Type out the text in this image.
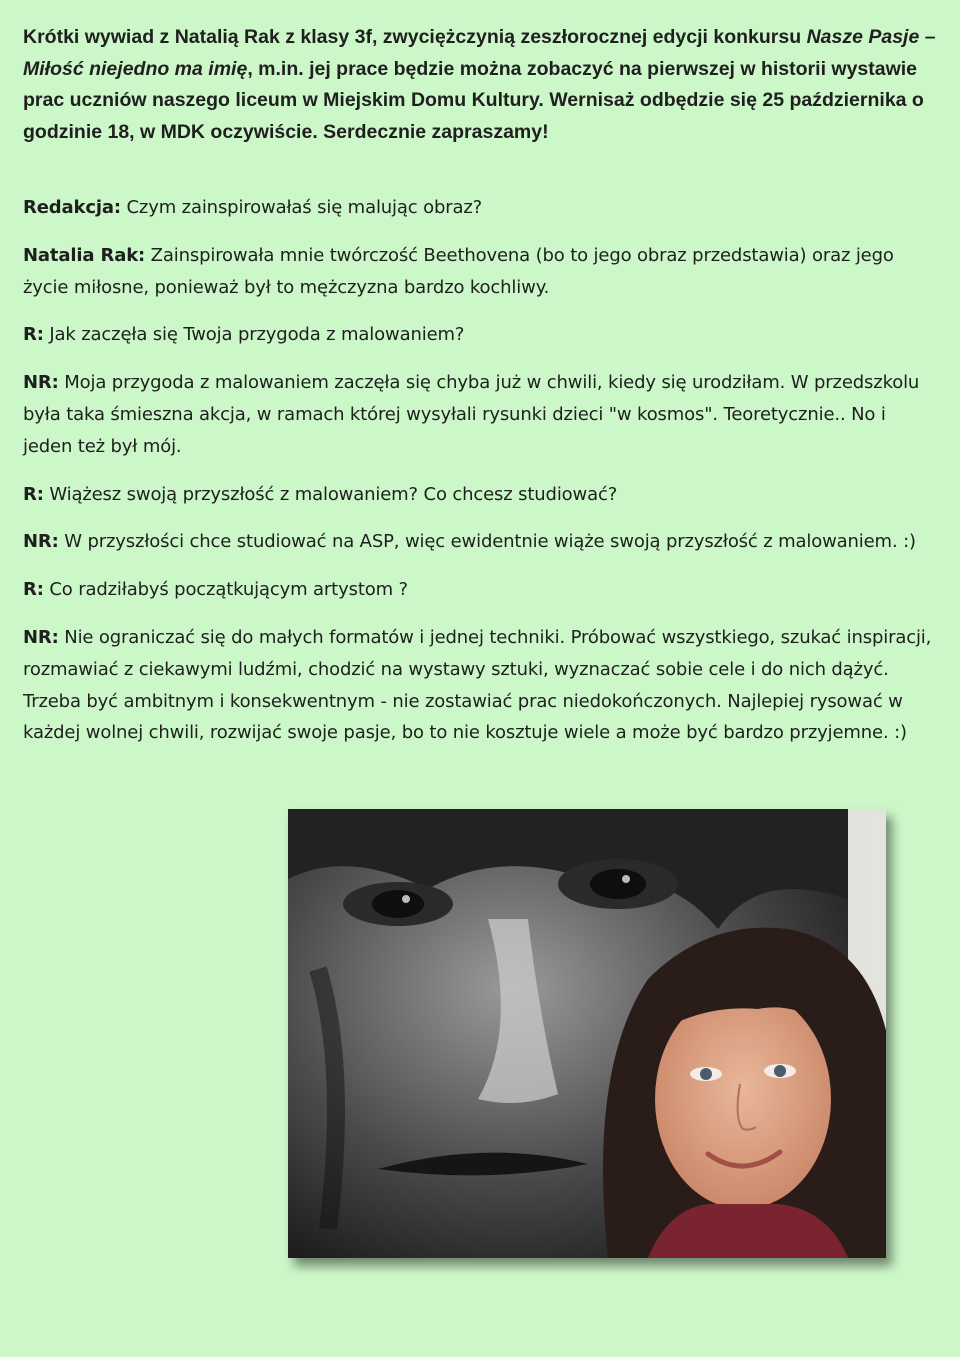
Krótki wywiad z Natalią Rak z klasy 3f, zwyciężczynią zeszłorocznej edycji konkursu Nasze Pasje – Miłość niejedno ma imię, m.in. jej prace będzie można zobaczyć na pierwszej w historii wystawie prac uczniów naszego liceum w Miejskim Domu Kultury. Wernisaż odbędzie się 25 października o godzinie 18, w MDK oczywiście. Serdecznie zapraszamy!

Redakcja: Czym zainspirowałaś się malując obraz?

Natalia Rak: Zainspirowała mnie twórczość Beethovena (bo to jego obraz przedstawia) oraz jego życie miłosne, ponieważ był to mężczyzna bardzo kochliwy.

R: Jak zaczęła się Twoja przygoda z malowaniem?

NR: Moja przygoda z malowaniem zaczęła się chyba już w chwili, kiedy się urodziłam. W przedszkolu była taka śmieszna akcja, w ramach której wysyłali rysunki dzieci "w kosmos". Teoretycznie.. No i jeden też był mój.

R: Wiążesz swoją przyszłość z malowaniem? Co chcesz studiować?

NR: W przyszłości chce studiować na ASP, więc ewidentnie wiąże swoją przyszłość z malowaniem. :)

R: Co radziłabyś początkującym artystom ?

NR: Nie ograniczać się do małych formatów i jednej techniki. Próbować wszystkiego, szukać inspiracji, rozmawiać z ciekawymi ludźmi, chodzić na wystawy sztuki, wyznaczać sobie cele i do nich dążyć. Trzeba być ambitnym i konsekwentnym - nie zostawiać prac niedokończonych. Najlepiej rysować w każdej wolnej chwili, rozwijać swoje pasje, bo to nie kosztuje wiele a może być bardzo przyjemne. :)
